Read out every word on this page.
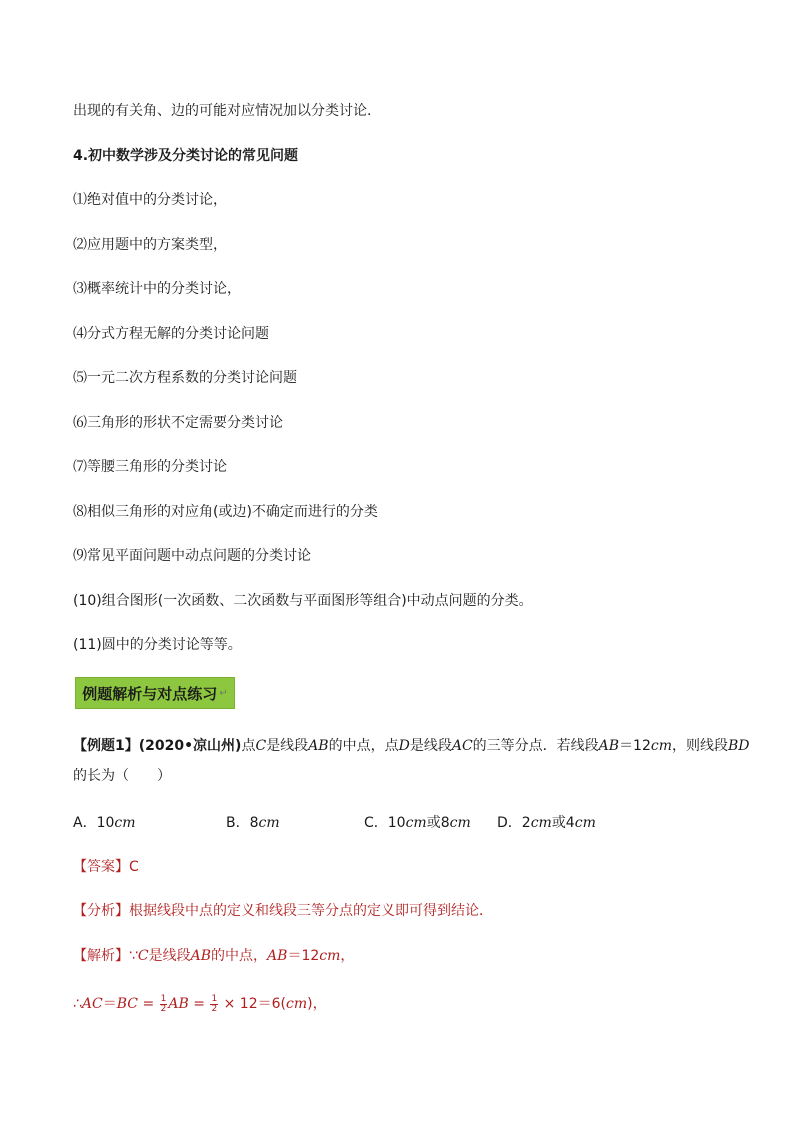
出现的有关角、边的可能对应情况加以分类讨论.
4.初中数学涉及分类讨论的常见问题
⑴绝对值中的分类讨论，
⑵应用题中的方案类型，
⑶概率统计中的分类讨论，
⑷分式方程无解的分类讨论问题
⑸一元二次方程系数的分类讨论问题
⑹三角形的形状不定需要分类讨论
⑺等腰三角形的分类讨论
⑻相似三角形的对应角(或边)不确定而进行的分类
⑼常见平面问题中动点问题的分类讨论
(10)组合图形(一次函数、二次函数与平面图形等组合)中动点问题的分类。
(11)圆中的分类讨论等等。
例题解析与对点练习 ↵
【例题1】(2020•凉山州)点C是线段AB的中点，点D是线段AC的三等分点．若线段AB＝12cm，则线段BD
的长为（　　）
A．10cm	B．8cm	C．10cm或8cm D．2cm或4cm
【答案】C
【分析】根据线段中点的定义和线段三等分点的定义即可得到结论．
【解析】∵C是线段AB的中点，AB＝12cm，
∴AC＝BC = $\frac{1}{2}$ AB = $\frac{1}{2} \times 12=6(cm)$，
